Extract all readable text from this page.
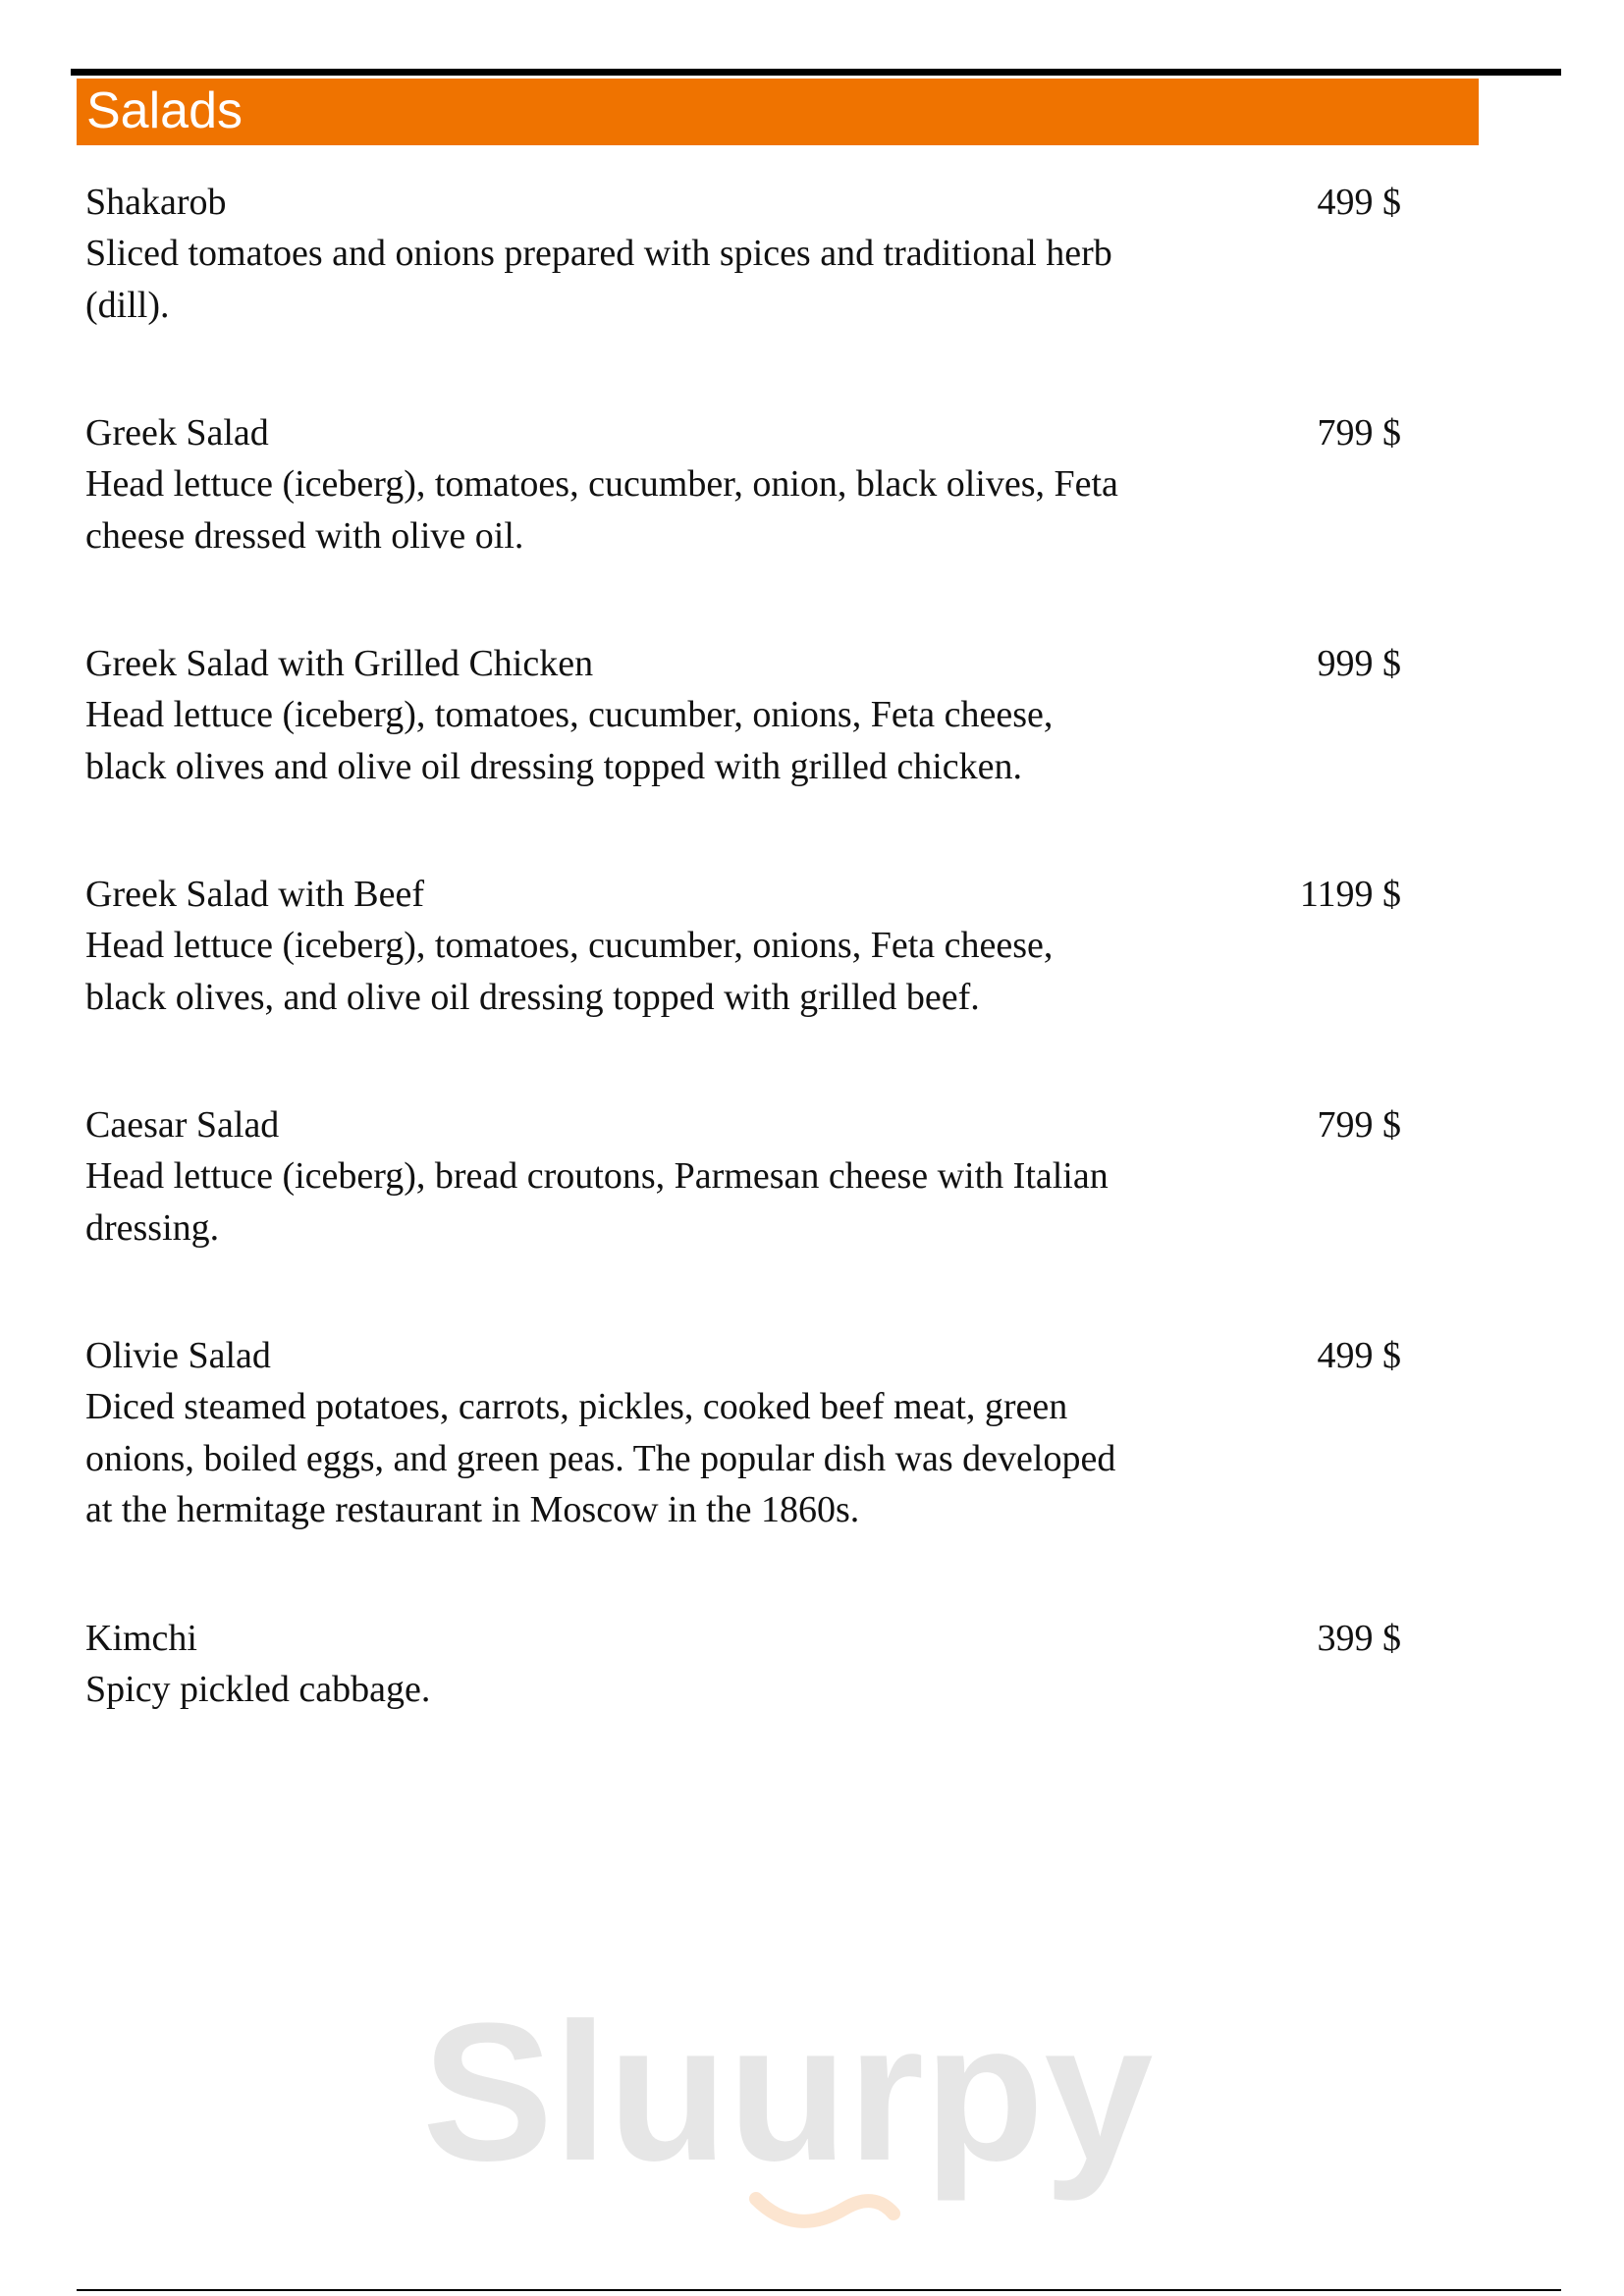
Salads
Shakarob	499 $
Sliced tomatoes and onions prepared with spices and traditional herb
(dill).
Greek Salad	799 $
Head lettuce (iceberg), tomatoes, cucumber, onion, black olives, Feta
cheese dressed with olive oil.
Greek Salad with Grilled Chicken	999 $
Head lettuce (iceberg), tomatoes, cucumber, onions, Feta cheese,
black olives and olive oil dressing topped with grilled chicken.
Greek Salad with Beef	1199 $
Head lettuce (iceberg), tomatoes, cucumber, onions, Feta cheese,
black olives, and olive oil dressing topped with grilled beef.
Caesar Salad	799 $
Head lettuce (iceberg), bread croutons, Parmesan cheese with Italian
dressing.
Olivie Salad	499 $
Diced steamed potatoes, carrots, pickles, cooked beef meat, green
onions, boiled eggs, and green peas. The popular dish was developed
at the hermitage restaurant in Moscow in the 1860s.
Kimchi	399 $
Spicy pickled cabbage.
Sluurpy
